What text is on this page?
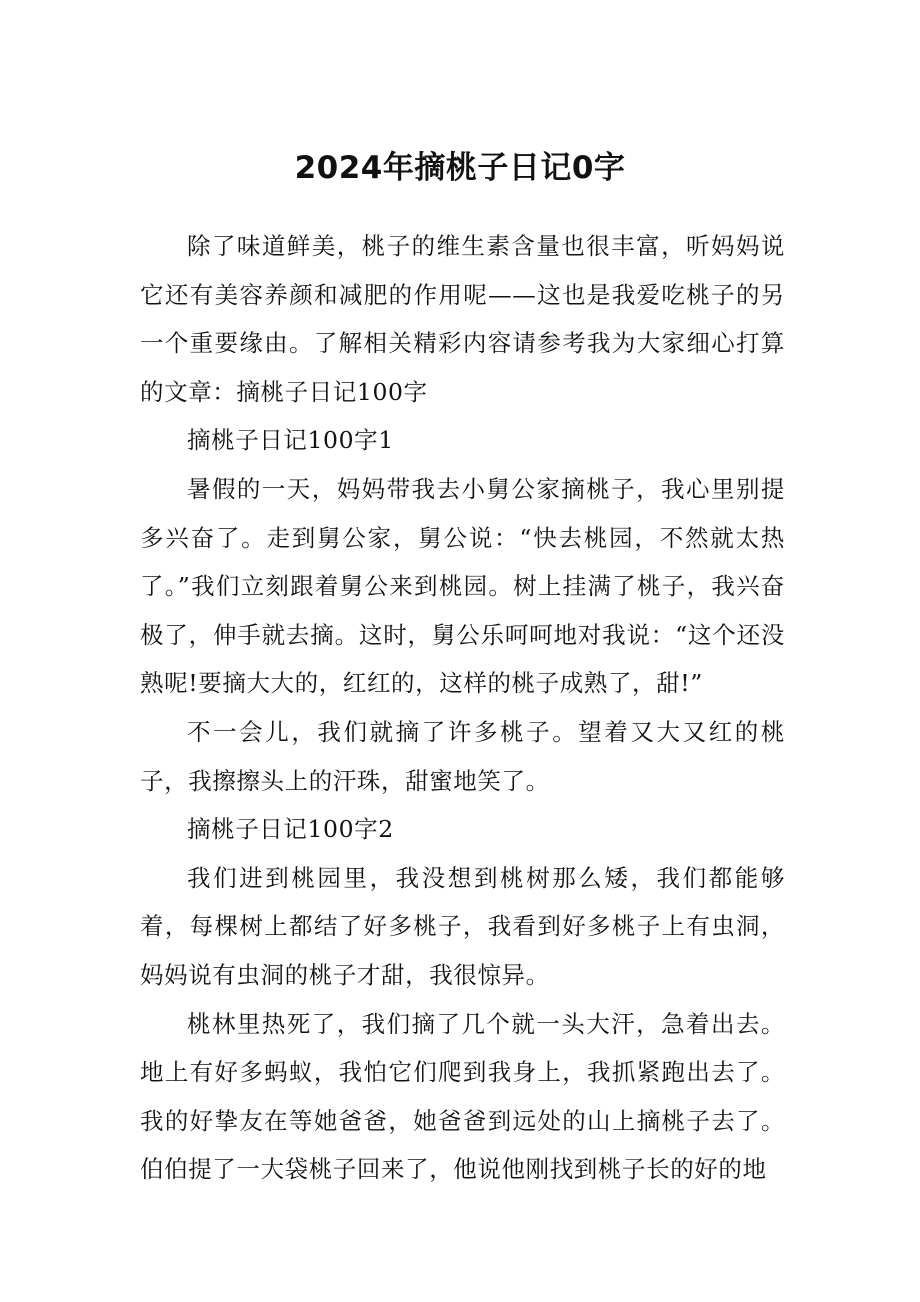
2024年摘桃子日记0字

除了味道鲜美，桃子的维生素含量也很丰富，听妈妈说它还有美容养颜和减肥的作用呢——这也是我爱吃桃子的另一个重要缘由。了解相关精彩内容请参考我为大家细心打算的文章：摘桃子日记100字

摘桃子日记100字1

暑假的一天，妈妈带我去小舅公家摘桃子，我心里别提多兴奋了。走到舅公家，舅公说：“快去桃园，不然就太热了。”我们立刻跟着舅公来到桃园。树上挂满了桃子，我兴奋极了，伸手就去摘。这时，舅公乐呵呵地对我说：“这个还没熟呢!要摘大大的，红红的，这样的桃子成熟了，甜!”

不一会儿，我们就摘了许多桃子。望着又大又红的桃子，我擦擦头上的汗珠，甜蜜地笑了。

摘桃子日记100字2

我们进到桃园里，我没想到桃树那么矮，我们都能够着，每棵树上都结了好多桃子，我看到好多桃子上有虫洞，妈妈说有虫洞的桃子才甜，我很惊异。

桃林里热死了，我们摘了几个就一头大汗，急着出去。地上有好多蚂蚁，我怕它们爬到我身上，我抓紧跑出去了。我的好挚友在等她爸爸，她爸爸到远处的山上摘桃子去了。伯伯提了一大袋桃子回来了，他说他刚找到桃子长的好的地
